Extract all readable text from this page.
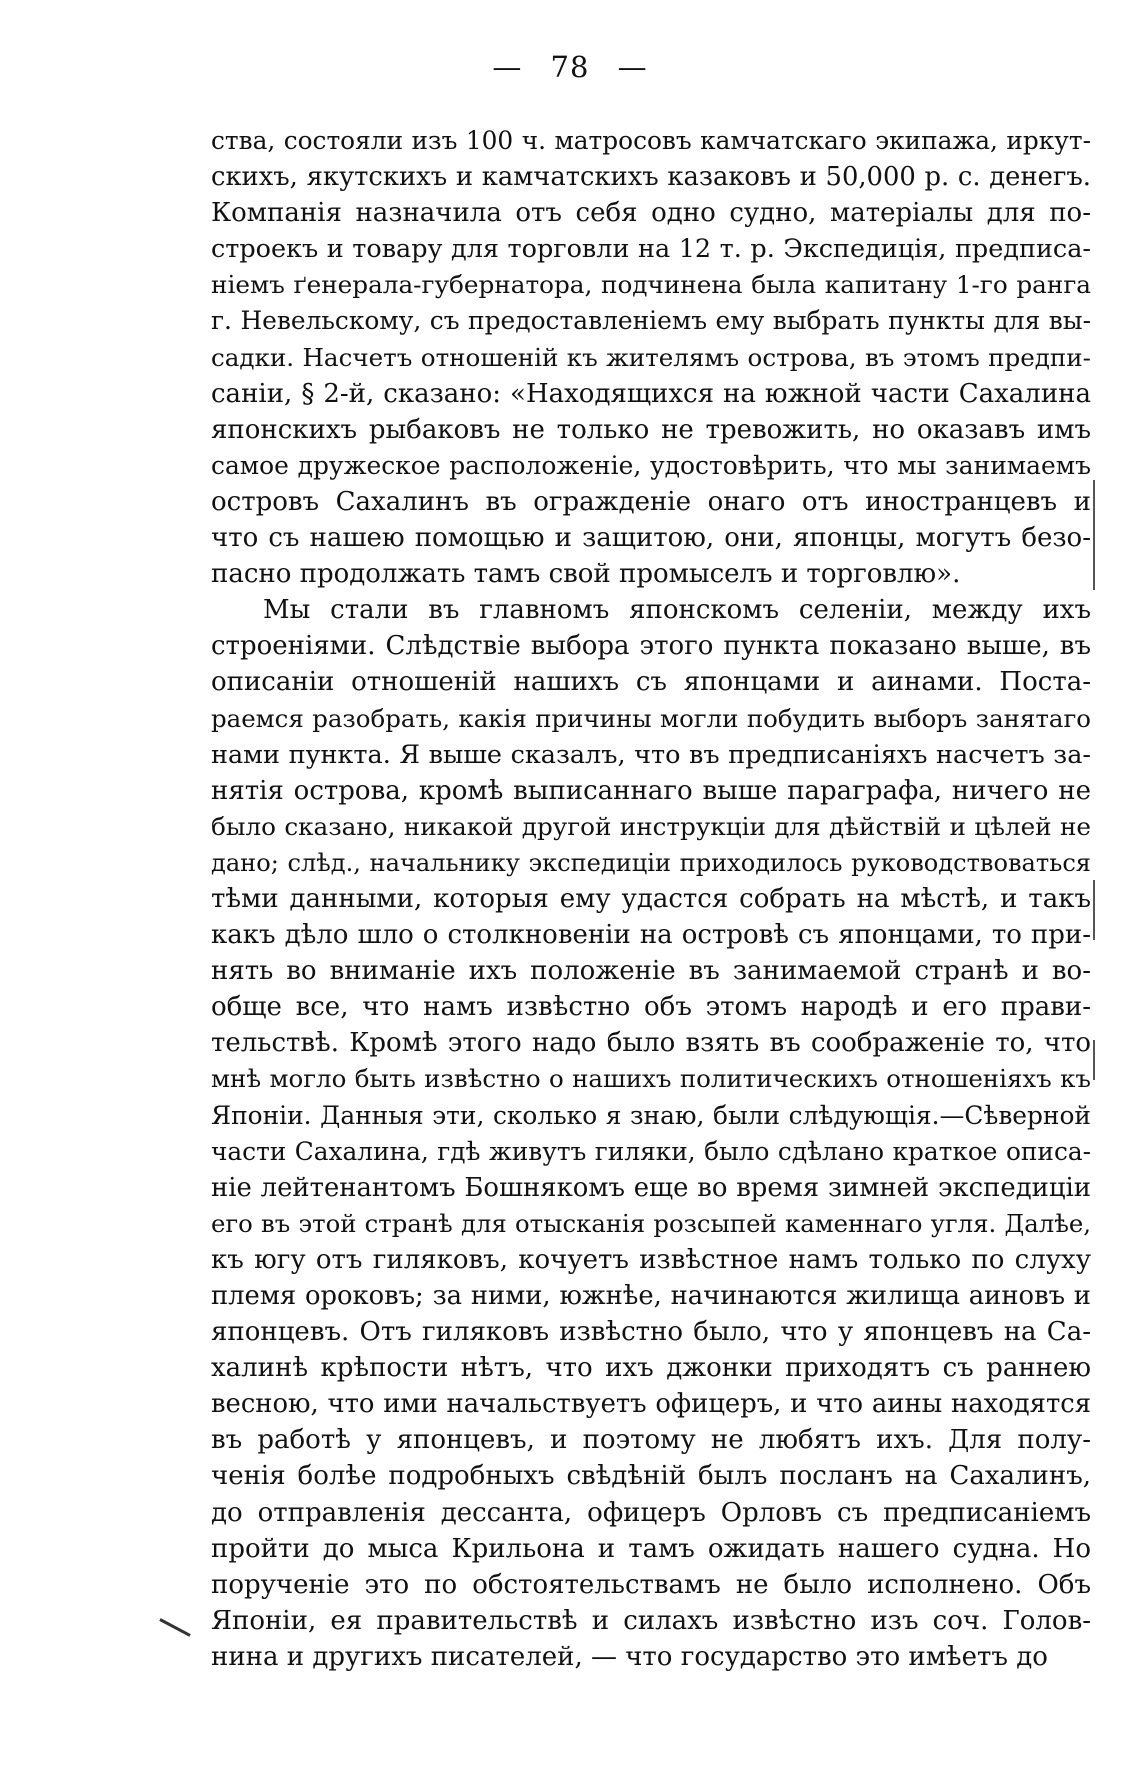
— 78 —
ства, состояли изъ 100 ч. матросовъ камчатскаго экипажа, иркут-
скихъ, якутскихъ и камчатскихъ казаковъ и 50,000 р. с. денегъ.
Компанія назначила отъ себя одно судно, матеріалы для по-
строекъ и товару для торговли на 12 т. р. Экспедиція, предписа-
ніемъ ґенерала-губернатора, подчинена была капитану 1-го ранга
г. Невельскому, съ предоставленіемъ ему выбрать пункты для вы-
садки. Насчетъ отношеній къ жителямъ острова, въ этомъ предпи-
саніи, § 2-й, сказано: «Находящихся на южной части Сахалина
японскихъ рыбаковъ не только не тревожить, но оказавъ имъ
самое дружеское расположеніе, удостовѣрить, что мы занимаемъ
островъ Сахалинъ въ огражденіе онаго отъ иностранцевъ и
что съ нашею помощью и защитою, они, японцы, могутъ безо-
пасно продолжать тамъ свой промыселъ и торговлю».
Мы стали въ главномъ японскомъ селеніи, между ихъ
строеніями. Слѣдствіе выбора этого пункта показано выше, въ
описаніи отношеній нашихъ съ японцами и аинами. Поста-
раемся разобрать, какія причины могли побудить выборъ занятаго
нами пункта. Я выше сказалъ, что въ предписаніяхъ насчетъ за-
нятія острова, кромѣ выписаннаго выше параграфа, ничего не
было сказано, никакой другой инструкціи для дѣйствій и цѣлей не
дано; слѣд., начальнику экспедиціи приходилось руководствоваться
тѣми данными, которыя ему удастся собрать на мѣстѣ, и такъ
какъ дѣло шло о столкновеніи на островѣ съ японцами, то при-
нять во вниманіе ихъ положеніе въ занимаемой странѣ и во-
обще все, что намъ извѣстно объ этомъ народѣ и его прави-
тельствѣ. Кромѣ этого надо было взять въ соображеніе то, что
мнѣ могло быть извѣстно о нашихъ политическихъ отношеніяхъ къ
Японіи. Данныя эти, сколько я знаю, были слѣдующія.—Сѣверной
части Сахалина, гдѣ живутъ гиляки, было сдѣлано краткое описа-
ніе лейтенантомъ Бошнякомъ еще во время зимней экспедиціи
его въ этой странѣ для отысканія розсыпей каменнаго угля. Далѣе,
къ югу отъ гиляковъ, кочуетъ извѣстное намъ только по слуху
племя ороковъ; за ними, южнѣе, начинаются жилища аиновъ и
японцевъ. Отъ гиляковъ извѣстно было, что у японцевъ на Са-
халинѣ крѣпости нѣтъ, что ихъ джонки приходятъ съ раннею
весною, что ими начальствуетъ офицеръ, и что аины находятся
въ работѣ у японцевъ, и поэтому не любятъ ихъ. Для полу-
ченія болѣе подробныхъ свѣдѣній былъ посланъ на Сахалинъ,
до отправленія дессанта, офицеръ Орловъ съ предписаніемъ
пройти до мыса Крильона и тамъ ожидать нашего судна. Но
порученіе это по обстоятельствамъ не было исполнено. Объ
Японіи, ея правительствѣ и силахъ извѣстно изъ соч. Голов-
нина и другихъ писателей, — что государство это имѣетъ до
